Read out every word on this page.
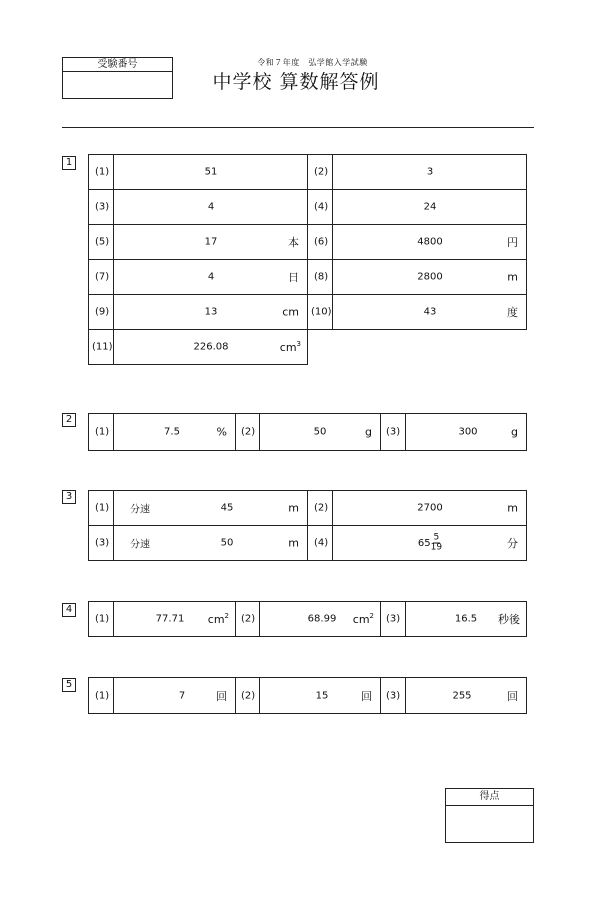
受験番号	令和７年度　弘学館入学試験
中学校 算数解答例
1
(1)	51	(2)	3
(3)	4	(4)	24
(5)	17	本 (6)	4800	円
(7)	4	日 (8)	2800	m
(9)	13	cm (10)	43	度
(11)	226.08	$cm^3$
2
(1)	7.5	% (2)	50	g (3)	300	g
3
(1) 分速	45	m (2)	2700	m
(3) 分速	50	m (4)	$65 \frac{5}{19}$	分
4
(1)	77.71 $cm^2$ (2)	68.99 $cm^2$ (3)	16.5 秒後
5
(1)	7	回 (2)	15	回 (3)	255	回
得点
